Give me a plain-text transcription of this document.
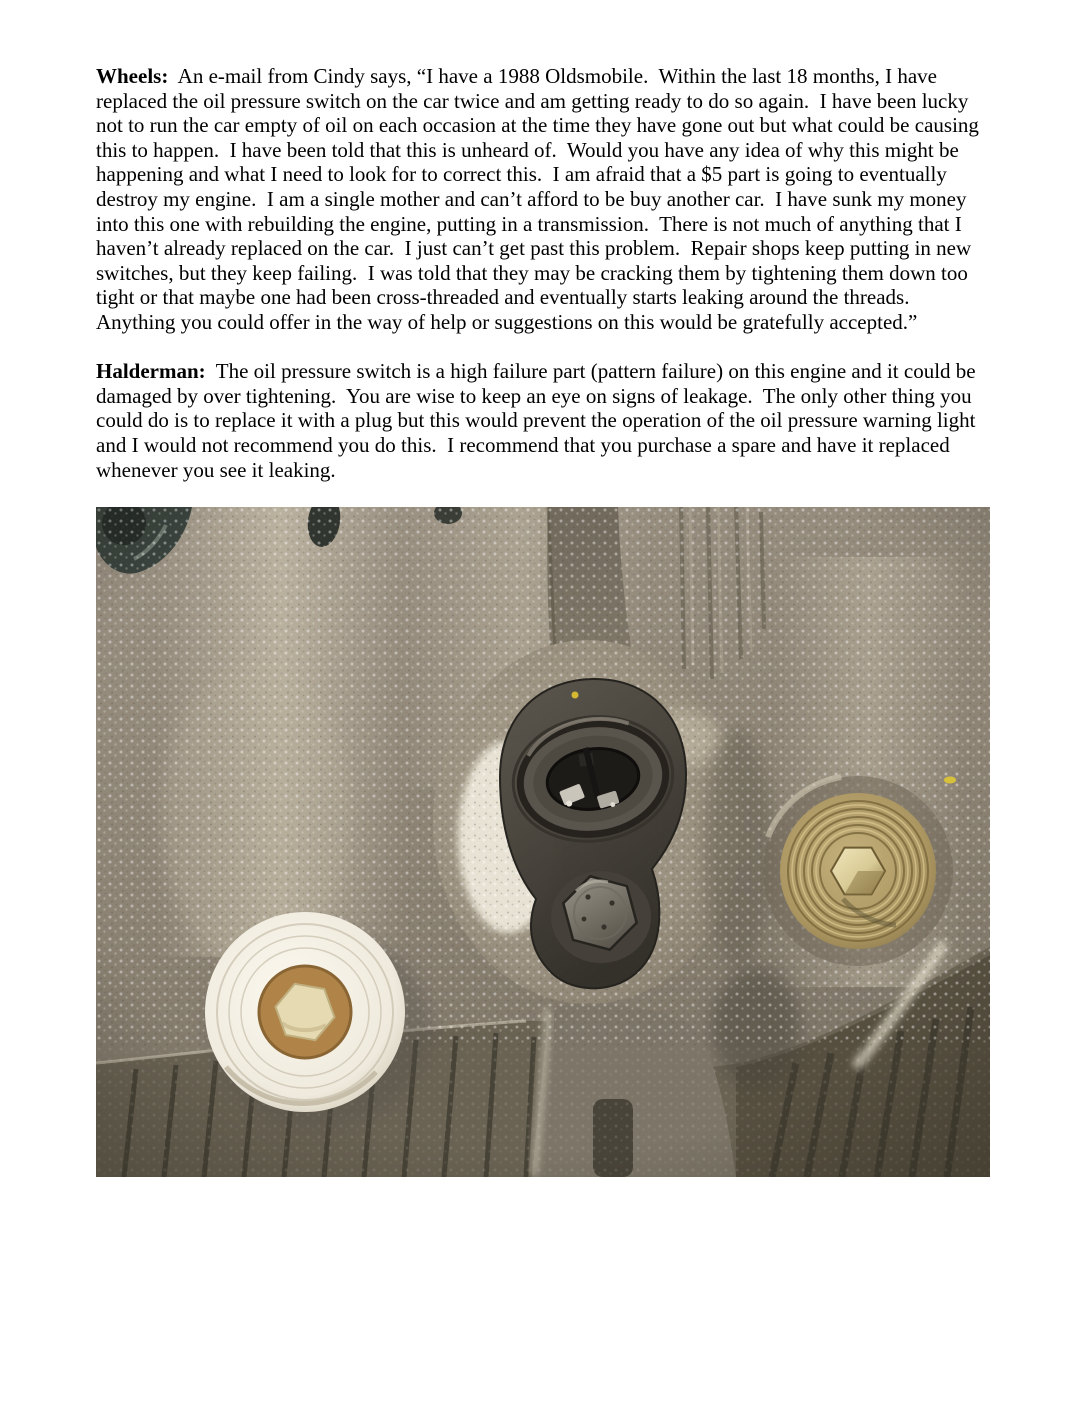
Wheels:  An e-mail from Cindy says, “I have a 1988 Oldsmobile.  Within the last 18 months, I have replaced the oil pressure switch on the car twice and am getting ready to do so again.  I have been lucky not to run the car empty of oil on each occasion at the time they have gone out but what could be causing this to happen.  I have been told that this is unheard of.  Would you have any idea of why this might be happening and what I need to look for to correct this.  I am afraid that a $5 part is going to eventually destroy my engine.  I am a single mother and can’t afford to be buy another car.  I have sunk my money into this one with rebuilding the engine, putting in a transmission.  There is not much of anything that I haven’t already replaced on the car.  I just can’t get past this problem.  Repair shops keep putting in new switches, but they keep failing.  I was told that they may be cracking them by tightening them down too tight or that maybe one had been cross-threaded and eventually starts leaking around the threads.  Anything you could offer in the way of help or suggestions on this would be gratefully accepted.”

Halderman:  The oil pressure switch is a high failure part (pattern failure) on this engine and it could be damaged by over tightening.  You are wise to keep an eye on signs of leakage.  The only other thing you could do is to replace it with a plug but this would prevent the operation of the oil pressure warning light and I would not recommend you do this.  I recommend that you purchase a spare and have it replaced whenever you see it leaking.
